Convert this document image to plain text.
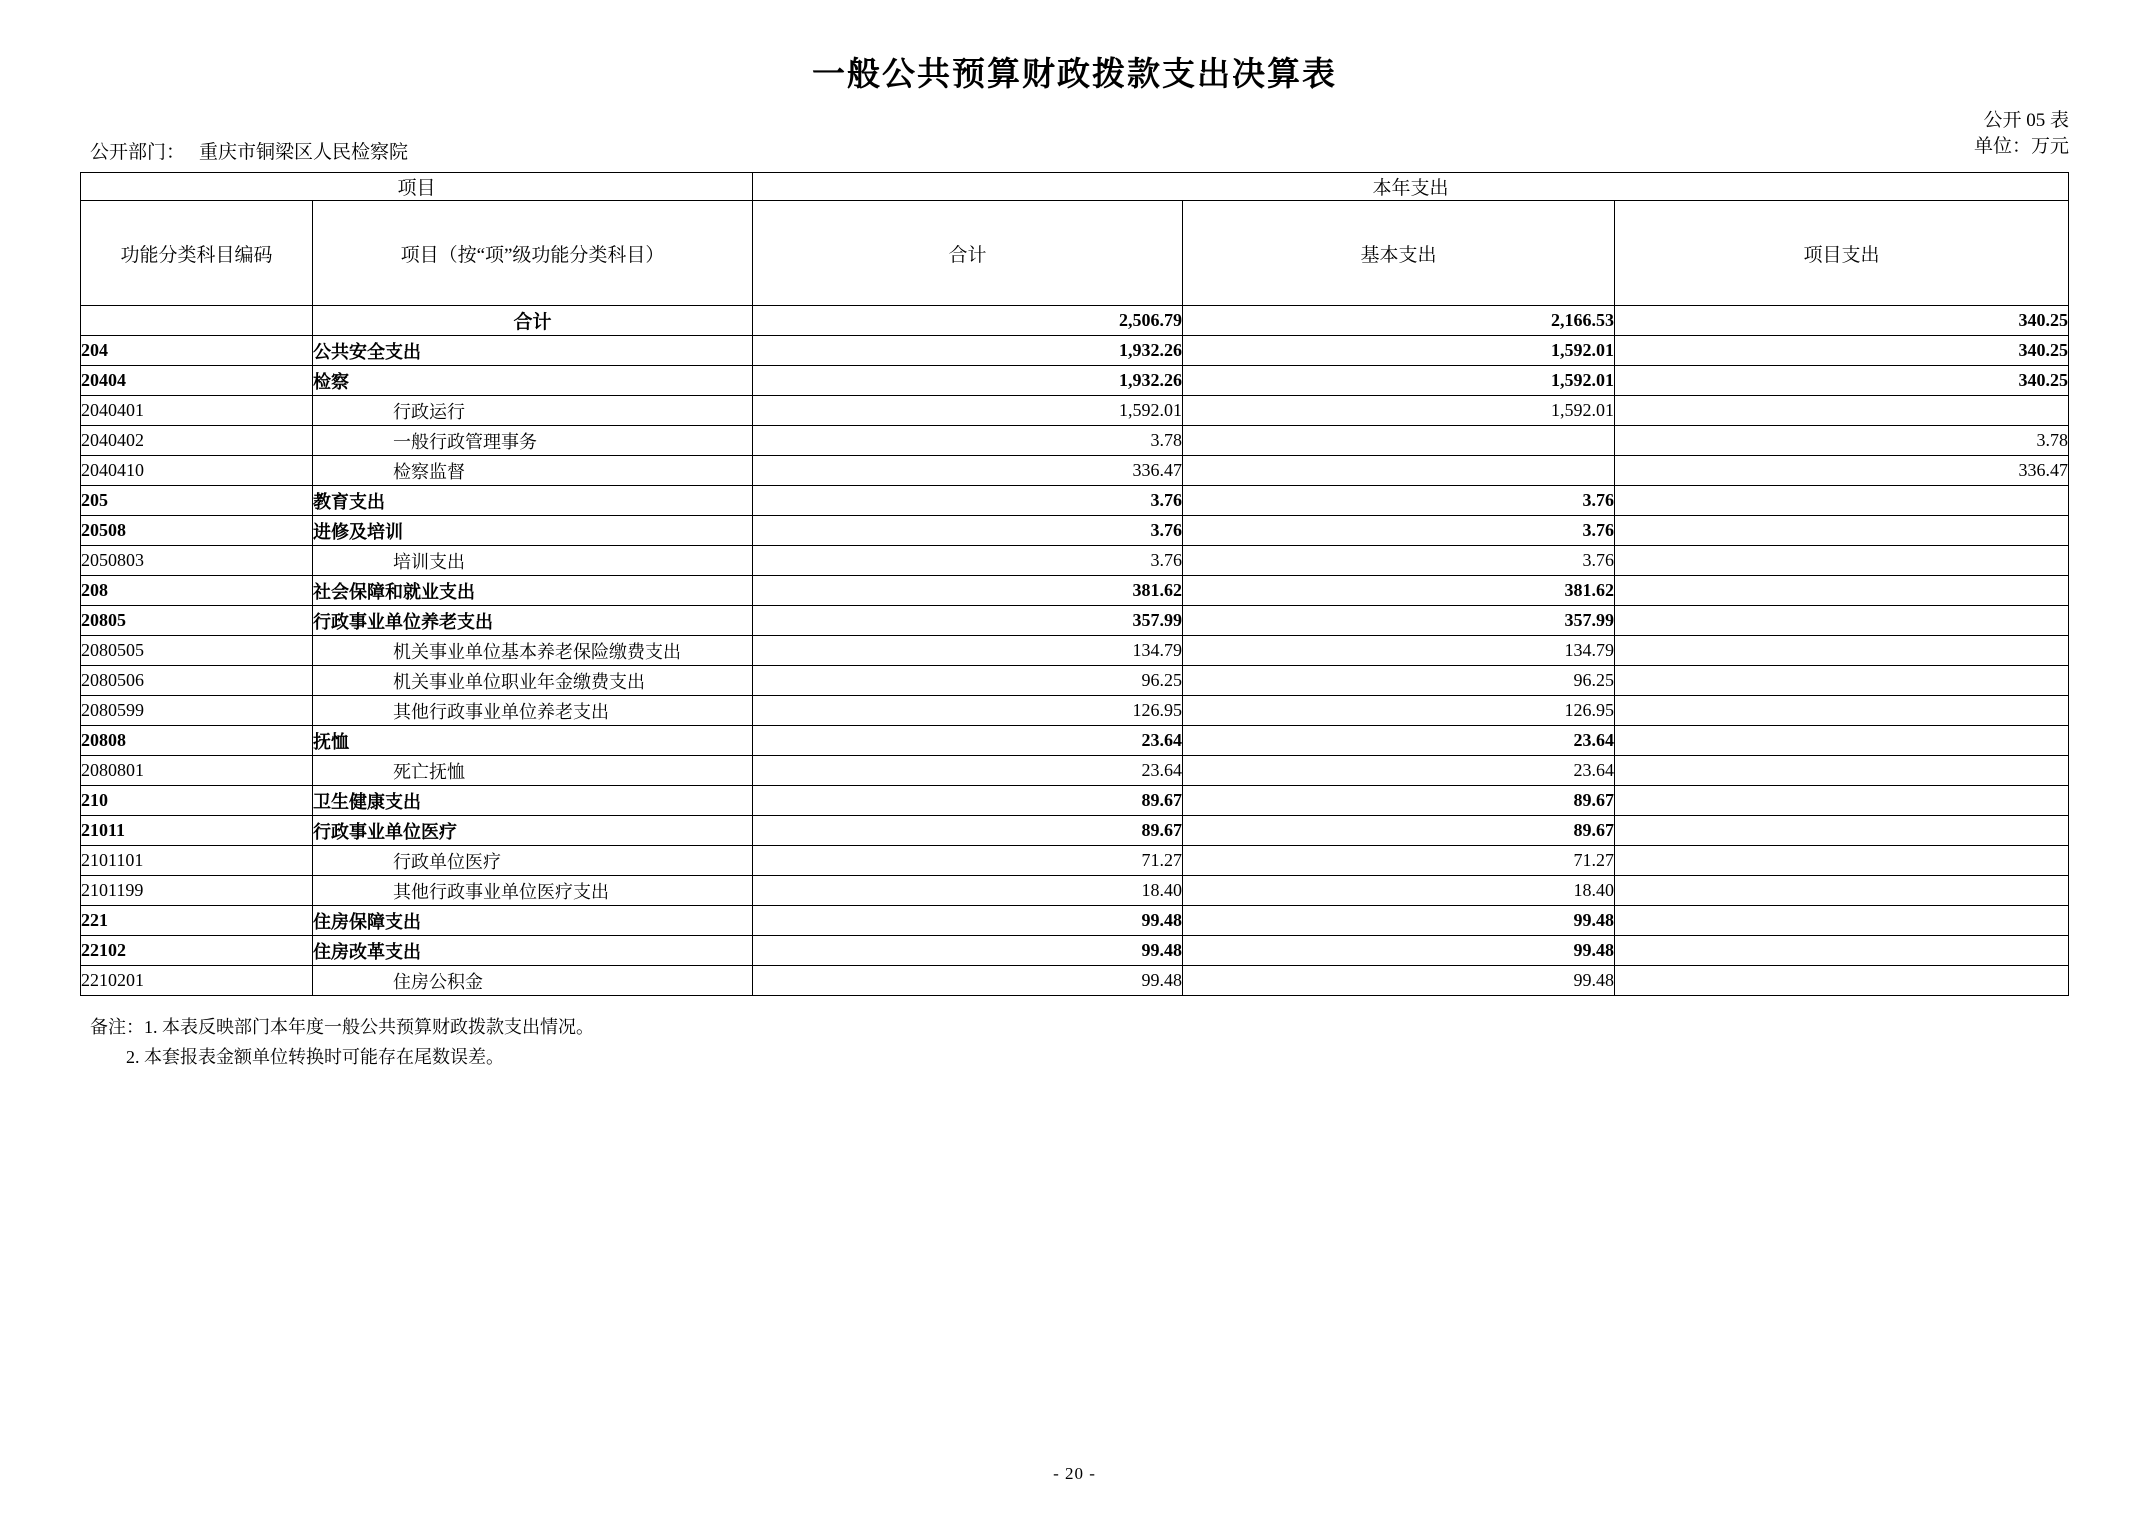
一般公共预算财政拨款支出决算表
公开 05 表
单位：万元
公开部门： 重庆市铜梁区人民检察院
项目		本年支出		
功能分类科目编码	项目（按“项”级功能分类科目）	合计	基本支出	项目支出
	合计	2,506.79	2,166.53	340.25
204	公共安全支出	1,932.26	1,592.01	340.25
20404	检察	1,932.26	1,592.01	340.25
2040401	行政运行	1,592.01	1,592.01	
2040402	一般行政管理事务	3.78		3.78
2040410	检察监督	336.47		336.47
205	教育支出	3.76	3.76	
20508	进修及培训	3.76	3.76	
2050803	培训支出	3.76	3.76	
208	社会保障和就业支出	381.62	381.62	
20805	行政事业单位养老支出	357.99	357.99	
2080505	机关事业单位基本养老保险缴费支出	134.79	134.79	
2080506	机关事业单位职业年金缴费支出	96.25	96.25	
2080599	其他行政事业单位养老支出	126.95	126.95	
20808	抚恤	23.64	23.64	
2080801	死亡抚恤	23.64	23.64	
210	卫生健康支出	89.67	89.67	
21011	行政事业单位医疗	89.67	89.67	
2101101	行政单位医疗	71.27	71.27	
2101199	其他行政事业单位医疗支出	18.40	18.40	
221	住房保障支出	99.48	99.48	
22102	住房改革支出	99.48	99.48	
2210201	住房公积金	99.48	99.48	
备注：1. 本表反映部门本年度一般公共预算财政拨款支出情况。
2. 本套报表金额单位转换时可能存在尾数误差。
- 20 -
